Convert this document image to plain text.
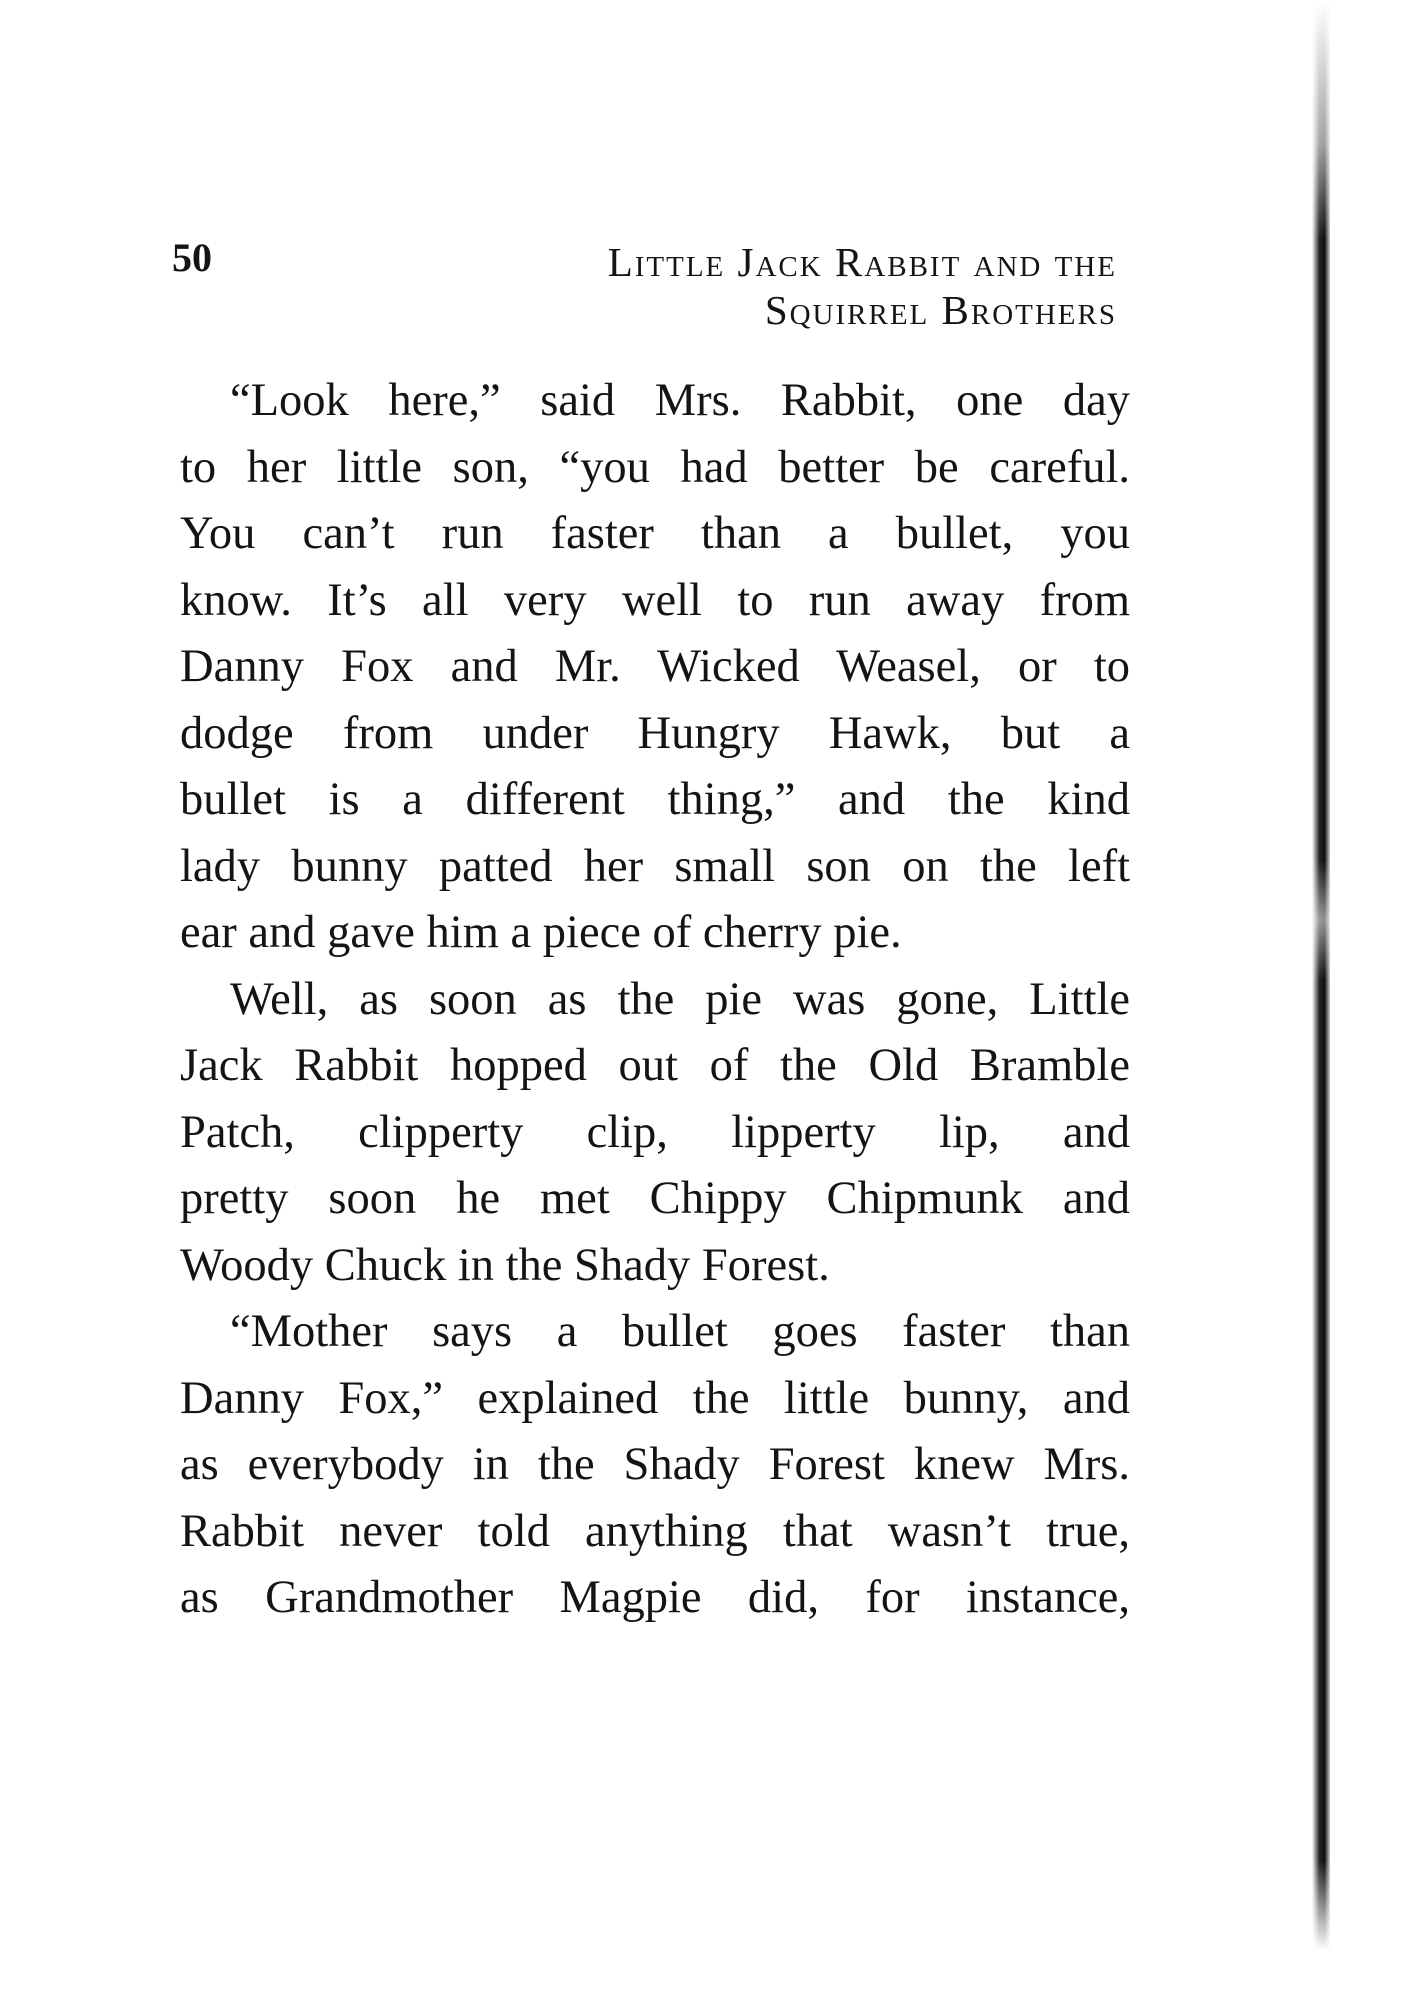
50	Little Jack Rabbit and the
Squirrel Brothers
“Look here,” said Mrs. Rabbit, one day
to her little son, “you had better be careful.
You can’t run faster than a bullet, you
know. It’s all very well to run away from
Danny Fox and Mr. Wicked Weasel, or to
dodge from under Hungry Hawk, but a
bullet is a different thing,” and the kind
lady bunny patted her small son on the left
ear and gave him a piece of cherry pie.
Well, as soon as the pie was gone, Little
Jack Rabbit hopped out of the Old Bramble
Patch, clipperty clip, lipperty lip, and
pretty soon he met Chippy Chipmunk and
Woody Chuck in the Shady Forest.
“Mother says a bullet goes faster than
Danny Fox,” explained the little bunny, and
as everybody in the Shady Forest knew Mrs.
Rabbit never told anything that wasn’t true,
as Grandmother Magpie did, for instance,
